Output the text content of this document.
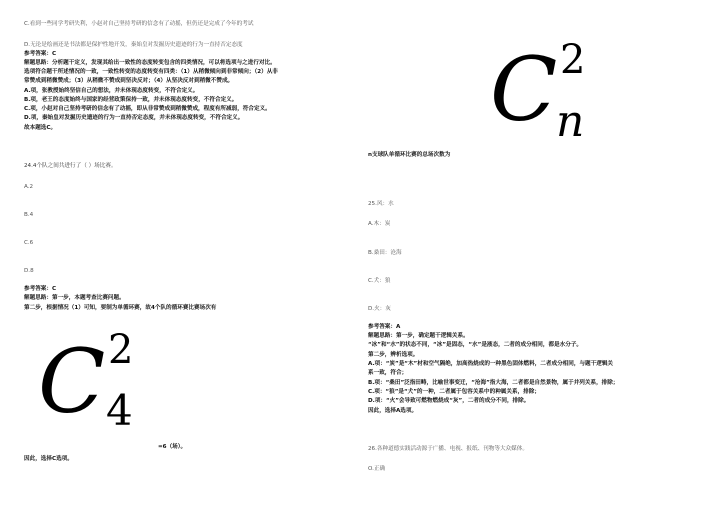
C.看到一些同学考研失利，小赵对自己坚持考研的信念有了动摇，但仍还是完成了今年的考试
D.无论是绘画还是书法都是保护性地开发，秦始皇对发掘历史遗迹的行为一直持否定态度
参考答案：C
解题思路：分析题干定义，发现其给出一致性的态度转变包含的四类情况，可以将选项与之进行对比。
选项符合题干所述情况的一致，一致性转变的态度转变有四类：（1）从稍微倾向到非常倾向；（2）从非
常赞成到稍微赞成；（3）从稍微不赞成到坚决反对；（4）从坚决反对到稍微不赞成。
A.项，张教授始终坚信自己的想法，并未体现态度转变，不符合定义。
B.项，老王的态度始终与国家的经营政策保持一致，并未体现态度转变，不符合定义。
C.项，小赵对自己坚持考研的信念有了动摇，即从非常赞成到稍微赞成，程度有所减弱，符合定义。
D.项，秦始皇对发掘历史遗迹的行为一直持否定态度，并未体现态度转变，不符合定义。
故本题选C。
24.4个队之间共进行了（ ）场比赛。
A.2
B.4
C.6
D.8
参考答案：C
解题思路：第一步，本题考查比赛问题。
第二步，根据情况（1）可知，要制为单循环赛，故4个队的循环赛比赛场次有
C 2
n
C 2
4
=6（场）。
因此，选择C选项。
n支球队单循环比赛的总场次数为
25.风：水
A.木：炭
B.桑田：沧海
C.犬：狼
D.火：灰
参考答案：A
解题思路：第一步，确定题干逻辑关系。
“冰”和“水”的状态不同，“冰”是固态，“水”是液态，二者的成分相同，都是水分子。
第二步，辨析选项。
A.项：“炭”是“木”材和空气隔绝，加高热烧成的一种黑色固体燃料，二者成分相同，与题干逻辑关
系一致，符合；
B.项：“桑田”泛指田畴，比喻世事变迁，“沧海”指大海，二者都是自然景物，属于并列关系，排除；
C.项：“狼”是“犬”的一种，二者属于包容关系中的种属关系，排除；
D.项：“火”会导致可燃物燃烧成“灰”，二者的成分不同，排除。
因此，选择A选项。
26.各种道德实践活动源于广播、电视、报纸、刊物等大众媒体。
O.正确
